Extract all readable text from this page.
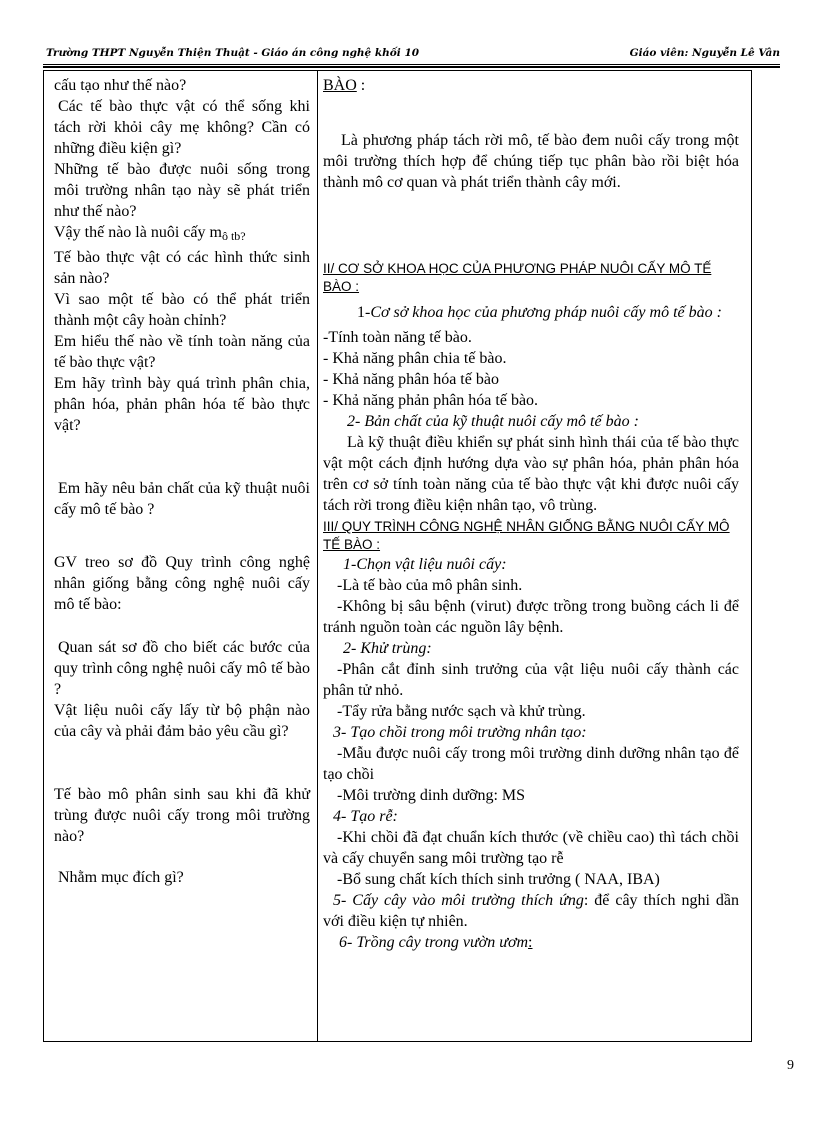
Trường THPT Nguyễn Thiện Thuật - Giáo án công nghệ khối 10	Giáo viên: Nguyễn Lê Vân

cấu tạo như thế nào?

Các tế bào thực vật có thể sống khi tách rời khỏi cây mẹ không? Cần có những điều kiện gì?

Những tế bào được nuôi sống trong môi trường nhân tạo này sẽ phát triển như thế nào?

Vậy thế nào là nuôi cấy $m_{ô tb?}$

Tế bào thực vật có các hình thức sinh sản nào?

Vì sao một tế bào có thể phát triển thành một cây hoàn chỉnh?

Em hiểu thế nào về tính toàn năng của tế bào thực vật?

Em hãy trình bày quá trình phân chia, phân hóa, phản phân hóa tế bào thực vật?

Em hãy nêu bản chất của kỹ thuật nuôi cấy mô tế bào ?

GV treo sơ đồ Quy trình công nghệ nhân giống bằng công nghệ nuôi cấy mô tế bào:

Quan sát sơ đồ cho biết các bước của quy trình công nghệ nuôi cấy mô tế bào ?

Vật liệu nuôi cấy lấy từ bộ phận nào của cây và phải đảm bảo yêu cầu gì?

Tế bào mô phân sinh sau khi đã khử trùng được nuôi cấy trong môi trường nào?

Nhằm mục đích gì?

BÀO :

Là phương pháp tách rời mô, tế bào đem nuôi cấy trong một môi trường thích hợp để chúng tiếp tục phân bào rồi biệt hóa thành mô cơ quan và phát triển thành cây mới.

II/ CƠ SỞ KHOA HỌC CỦA PHƯƠNG PHÁP NUÔI CẤY MÔ TẾ BÀO :

1-Cơ sở khoa học của phương pháp nuôi cấy mô tế bào :

-Tính toàn năng tế bào.

- Khả năng phân chia tế bào.

- Khả năng phân hóa tế bào

- Khả năng phản phân hóa tế bào.

2- Bản chất của kỹ thuật nuôi cấy mô tế bào :

Là kỹ thuật điều khiển sự phát sinh hình thái của tế bào thực vật một cách định hướng dựa vào sự phân hóa, phản phân hóa trên cơ sở tính toàn năng của tế bào thực vật khi được nuôi cấy tách rời trong điều kiện nhân tạo, vô trùng.

III/ QUY TRÌNH CÔNG NGHỆ NHÂN GIỐNG BẰNG NUÔI CẤY MÔ TẾ BÀO :

1-Chọn vật liệu nuôi cấy:

-Là tế bào của mô phân sinh.

-Không bị sâu bệnh (virut) được trồng trong buồng cách li để tránh nguồn toàn các nguồn lây bệnh.

2- Khử trùng:

-Phân cắt đỉnh sinh trưởng của vật liệu nuôi cấy thành các phân tử nhỏ.

-Tẩy rửa bằng nước sạch và khử trùng.

3- Tạo chồi trong môi trường nhân tạo:

-Mẫu được nuôi cấy trong môi trường dinh dưỡng nhân tạo để tạo chồi

-Môi trường dinh dưỡng: MS

4- Tạo rễ:

-Khi chồi đã đạt chuẩn kích thước (về chiều cao) thì tách chồi và cấy chuyển sang môi trường tạo rễ

-Bổ sung chất kích thích sinh trưởng ( NAA, IBA)

5- Cấy cây vào môi trường thích ứng: để cây thích nghi dần với điều kiện tự nhiên.

6- Trồng cây trong vườn ươm:

9
